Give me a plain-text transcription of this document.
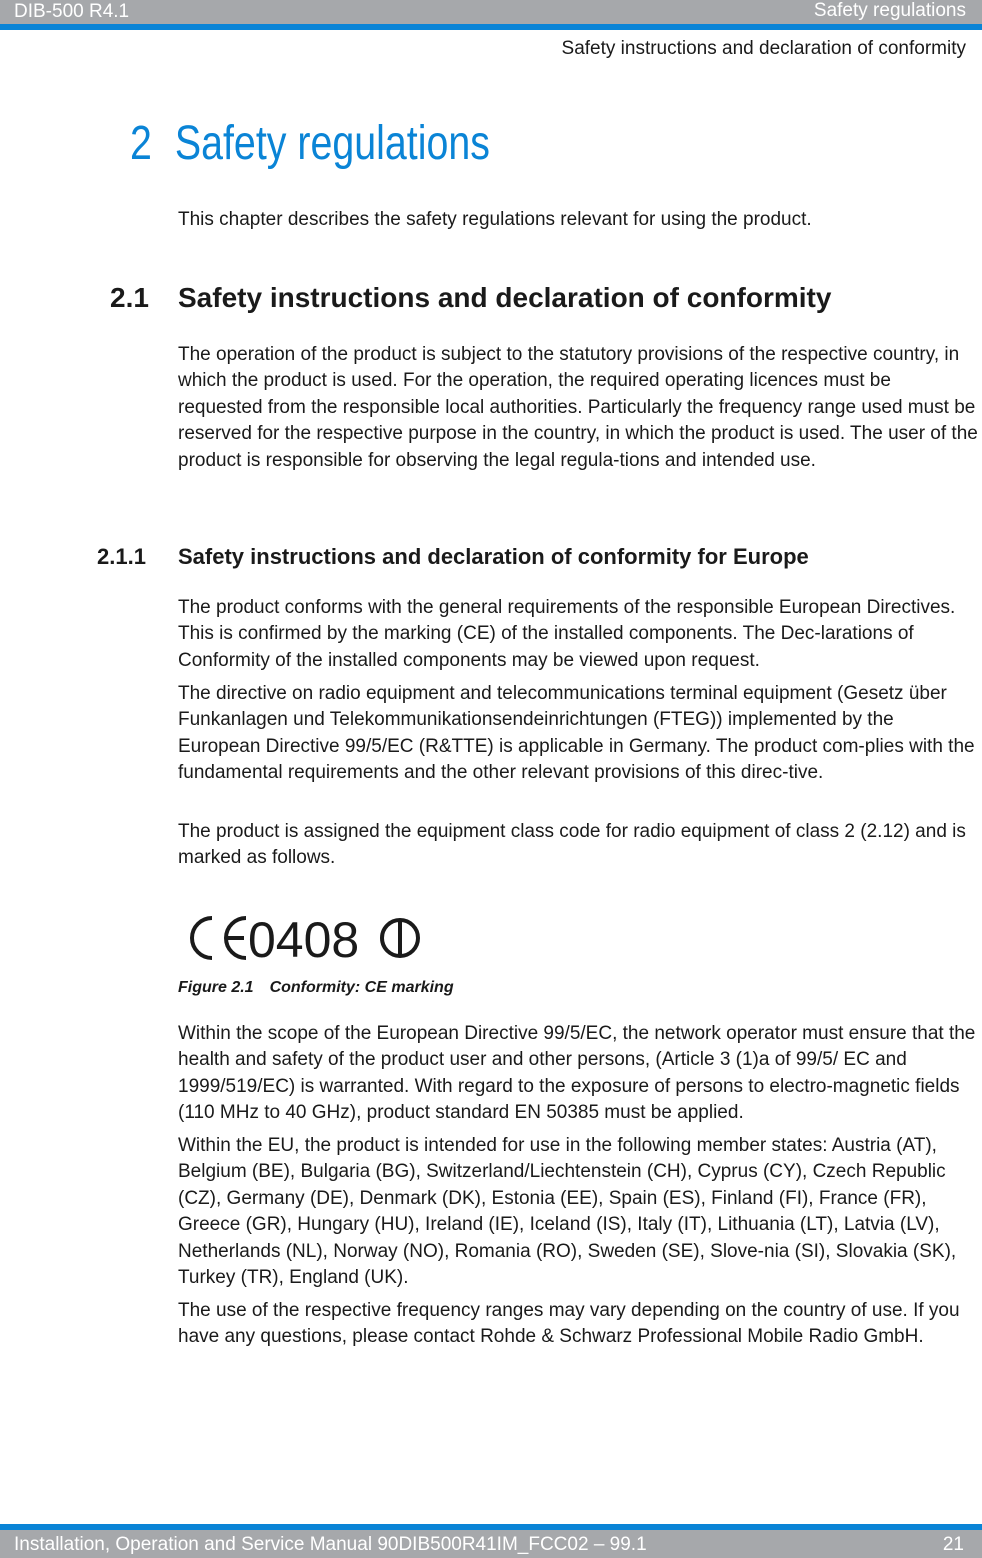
DIB-500 R4.1	Safety regulations
Safety instructions and declaration of conformity
2 Safety regulations

This chapter describes the safety regulations relevant for using the product.

2.1 Safety instructions and declaration of conformity

The operation of the product is subject to the statutory provisions of the respective country, in which the product is used. For the operation, the required operating licences must be requested from the responsible local authorities. Particularly the frequency range used must be reserved for the respective purpose in the country, in which the product is used. The user of the product is responsible for observing the legal regula-tions and intended use.

2.1.1 Safety instructions and declaration of conformity for Europe

The product conforms with the general requirements of the responsible European Directives. This is confirmed by the marking (CE) of the installed components. The Dec-larations of Conformity of the installed components may be viewed upon request.

The directive on radio equipment and telecommunications terminal equipment (Gesetz über Funkanlagen und Telekommunikationsendeinrichtungen (FTEG)) implemented by the European Directive 99/5/EC (R&TTE) is applicable in Germany. The product com-plies with the fundamental requirements and the other relevant provisions of this direc-tive.

The product is assigned the equipment class code for radio equipment of class 2 (2.12) and is marked as follows.

0408
Figure 2.1 Conformity: CE marking

Within the scope of the European Directive 99/5/EC, the network operator must ensure that the health and safety of the product user and other persons, (Article 3 (1)a of 99/5/ EC and 1999/519/EC) is warranted. With regard to the exposure of persons to electro-magnetic fields (110 MHz to 40 GHz), product standard EN 50385 must be applied.

Within the EU, the product is intended for use in the following member states: Austria (AT), Belgium (BE), Bulgaria (BG), Switzerland/Liechtenstein (CH), Cyprus (CY), Czech Republic (CZ), Germany (DE), Denmark (DK), Estonia (EE), Spain (ES), Finland (FI), France (FR), Greece (GR), Hungary (HU), Ireland (IE), Iceland (IS), Italy (IT), Lithuania (LT), Latvia (LV), Netherlands (NL), Norway (NO), Romania (RO), Sweden (SE), Slove-nia (SI), Slovakia (SK), Turkey (TR), England (UK).

The use of the respective frequency ranges may vary depending on the country of use. If you have any questions, please contact Rohde & Schwarz Professional Mobile Radio GmbH.

Installation, Operation and Service Manual 90DIB500R41IM_FCC02 – 99.1	21
